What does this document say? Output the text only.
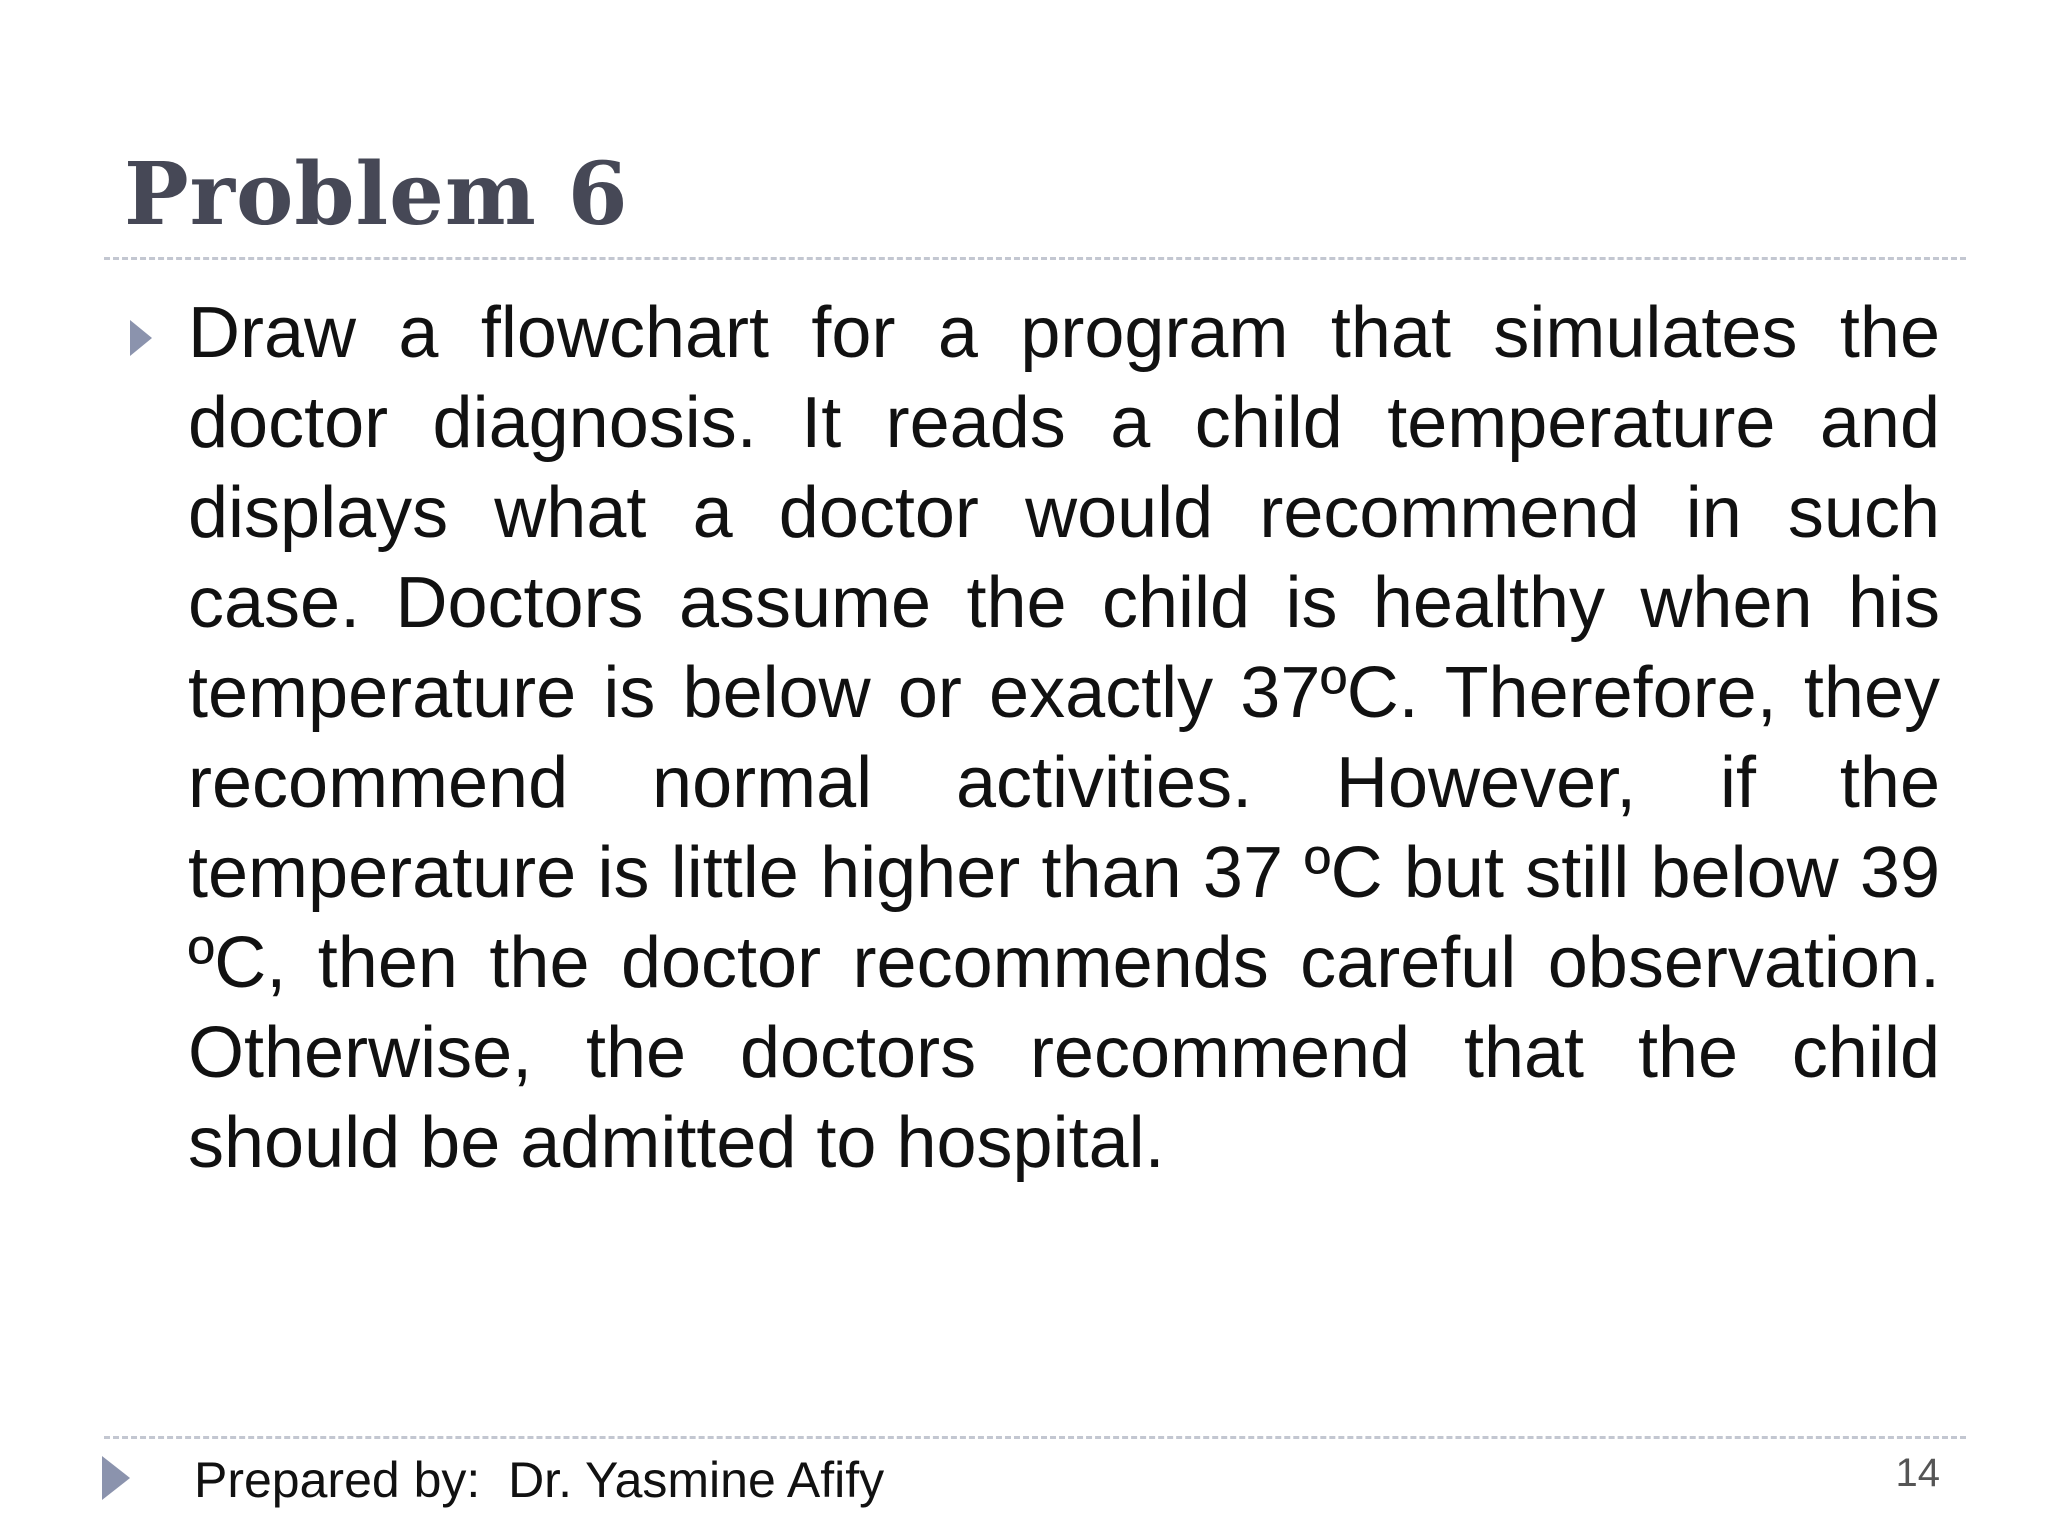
Problem 6

Draw a flowchart for a program that simulates the doctor diagnosis. It reads a child temperature and displays what a doctor would recommend in such case. Doctors assume the child is healthy when his temperature is below or exactly 37ºC. Therefore, they recommend normal activities. However, if the temperature is little higher than 37 ºC but still below 39 ºC, then the doctor recommends careful observation. Otherwise, the doctors recommend that the child should be admitted to hospital.

Prepared by:  Dr. Yasmine Afify	14
